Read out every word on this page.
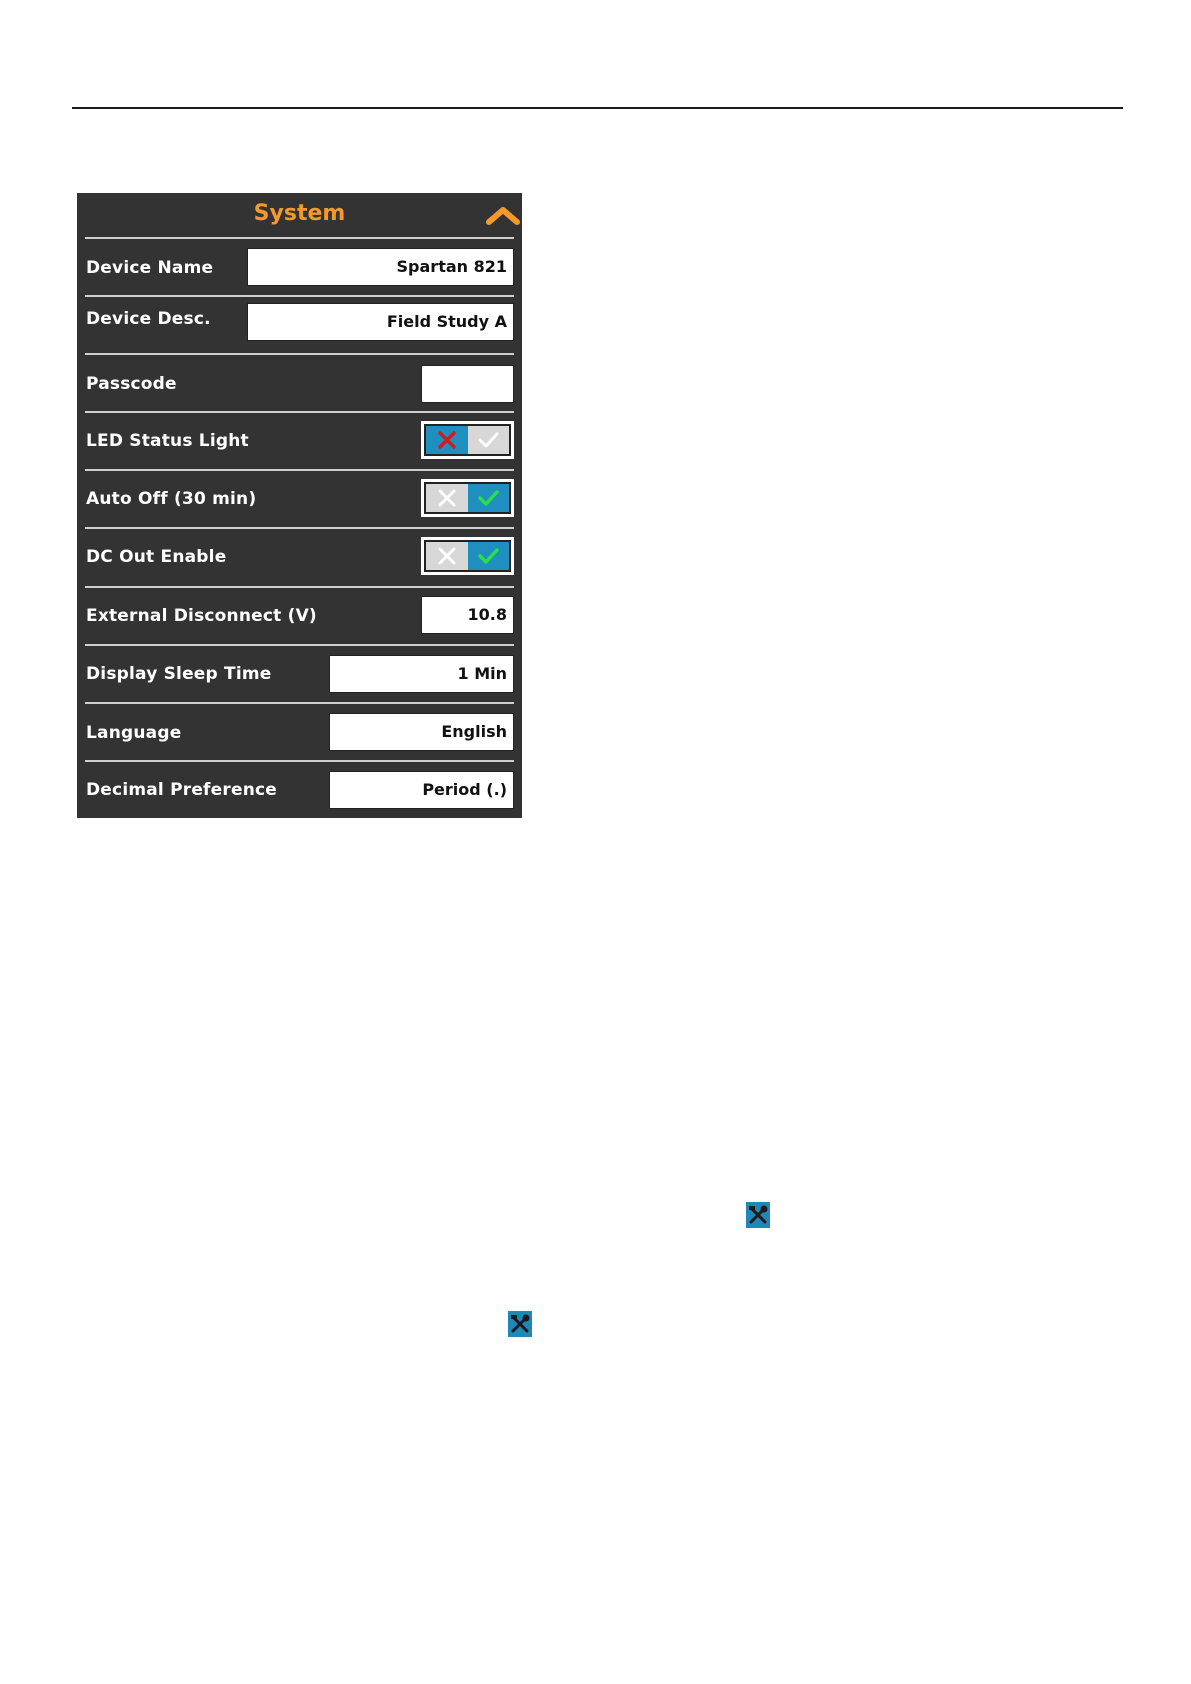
System
Device Name	Spartan 821
Device Desc.	Field Study A
Passcode
LED Status Light
Auto Off (30 min)
DC Out Enable
External Disconnect (V)	10.8
Display Sleep Time	1 Min
Language	English
Decimal Preference	Period (.)
